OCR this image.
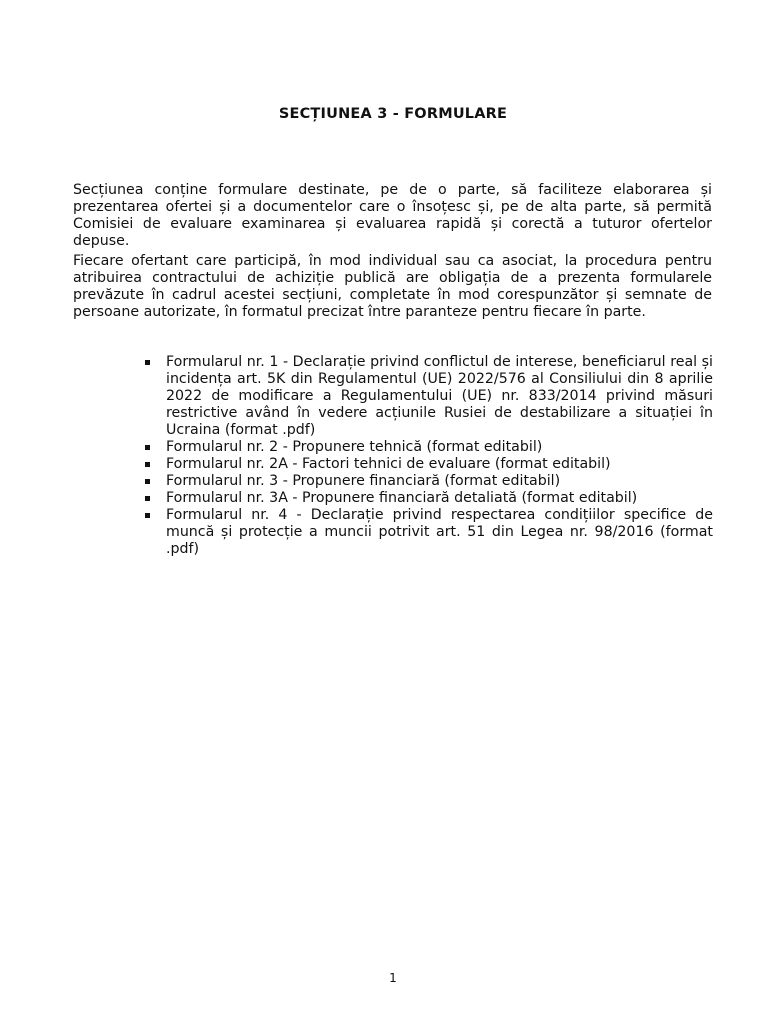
SECȚIUNEA 3 - FORMULARE

Secțiunea conține formulare destinate, pe de o parte, să faciliteze elaborarea și prezentarea ofertei și a documentelor care o însoțesc și, pe de alta parte, să permită Comisiei de evaluare examinarea și evaluarea rapidă și corectă a tuturor ofertelor depuse.

Fiecare ofertant care participă, în mod individual sau ca asociat, la procedura pentru atribuirea contractului de achiziție publică are obligația de a prezenta formularele prevăzute în cadrul acestei secțiuni, completate în mod corespunzător și semnate de persoane autorizate, în formatul precizat între paranteze pentru fiecare în parte.

Formularul nr. 1 - Declarație privind conflictul de interese, beneficiarul real și incidența art. 5K din Regulamentul (UE) 2022/576 al Consiliului din 8 aprilie 2022 de modificare a Regulamentului (UE) nr. 833/2014 privind măsuri restrictive având în vedere acțiunile Rusiei de destabilizare a situației în Ucraina (format .pdf)
Formularul nr. 2 - Propunere tehnică (format editabil)
Formularul nr. 2A - Factori tehnici de evaluare (format editabil)
Formularul nr. 3 - Propunere financiară (format editabil)
Formularul nr. 3A - Propunere financiară detaliată (format editabil)
Formularul nr. 4 - Declarație privind respectarea condițiilor specifice de muncă și protecție a muncii potrivit art. 51 din Legea nr. 98/2016 (format .pdf)
1
